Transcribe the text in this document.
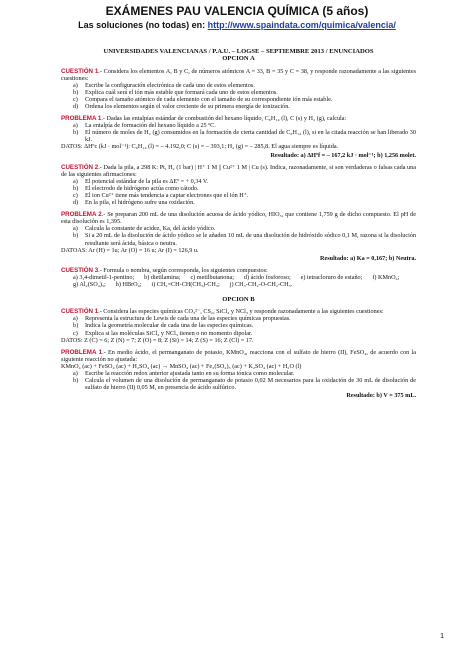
EXÁMENES PAU VALENCIA QUÍMICA (5 años)
Las soluciones (no todas) en: http://www.spaindata.com/quimica/valencia/
UNIVERSIDADES VALENCIANAS / P.A.U. – LOGSE – SEPTIEMBRE 2013 / ENUNCIADOS
OPCION A

CUESTIÓN 1.- Considera los elementos A, B y C, de números atómicos A = 33, B = 35 y C = 38, y responde razonadamente a las siguientes cuestiones:

a)	Escribe la configuración electrónica de cada uno de estos elementos.
b)	Explica cuál será el ión más estable que formará cada uno de estos elementos.
c)	Compara el tamaño atómico de cada elemento con el tamaño de su correspondiente ión más estable.
d)	Ordena los elementos según el valor creciente de su primera energía de ionización.

PROBLEMA 1.- Dadas las entalpías estándar de combustión del hexano líquido, C₆H₁₄ (l), C (s) y H₂ (g), calcula:

a)	La entalpía de formación del hexano líquido a 25 ºC.
b)	El número de moles de H₂ (g) consumidos en la formación de cierta cantidad de C₆H₁₄ (l), si en la citada reacción se han liberado 30 kJ.

DATOS: ΔHºc (kJ · mol⁻¹): C₆H₁₄ (l) = – 4.192,0; C (s) = – 393,1; H₂ (g) = – 285,8. El agua siempre es líquida.

Resultado: a) ΔHºf = – 167,2 kJ · mol⁻¹; b) 1,256 molet.

CUESTIÓN 2.- Dada la pila, a 298 K: Pt, H₂ (1 bar) | H⁺ 1 M || Cu²⁺ 1 M | Cu (s). Indica, razonadamente, si son verdaderas o falsas cada una de las siguientes afirmaciones:

a)	El potencial estándar de la pila es ΔEº = + 0,34 V.
b)	El electrodo de hidrógeno actúa como cátodo.
c)	El ion Cu²⁺ tiene más tendencia a captar electrones que el ión H⁺.
d)	En la pila, el hidrógeno sufre una oxidación.

PROBLEMA 2.- Se preparan 200 mL de una disolución acuosa de ácido yódico, HIO₃, que contiene 1,759 g de dicho compuesto. El pH de esta disolución es 1,395.

a)	Calcula la constante de acidez, Ka, del ácido yódico.
b)	Si a 20 mL de la disolución de ácido yódico se le añaden 10 mL de una disolución de hidróxido sódico 0,1 M, razona si la disolución resultante será ácida, básica o neutra.

DATOAS: Ar (H) = 1u; Ar (O) = 16 u; Ar (I) = 126,9 u.

Resultado: a) Ka = 0,167; b) Neutra.

CUESTIÓN 3.- Formula o nombra, según corresponda, los siguientes compuestos:

a) 3,4-dimetil-1-pentino; b) dietilamina; c) metilbutanona; d) ácido fosforoso; e) tetracloruro de estaño; f) KMnO₄;
g) Al₂(SO₄)₃; h) HBrO₄; i) CH₂=CH-CH(CH₃)-CH₃; j) CH₃-CH₂-O-CH₂-CH₃.
OPCION B

CUESTIÓN 1.- Considera las especies químicas CO₃²⁻, CS₂, SiCl₄ y NCl₃ y responde razonadamente a las siguientes cuestiones:

a)	Representa la estructura de Lewis de cada una de las especies químicas propuestas.
b)	Indica la geometría molecular de cada una de las especies químicas.
c)	Explica si las moléculas SiCl₄ y NCl₃ tienen o no momento dipolar.

DATOS: Z (C) = 6; Z (N) = 7; Z (O) = 8; Z (Si) = 14; Z (S) = 16; Z (Cl) = 17.

PROBLEMA 1.- En medio ácido, el permanganato de potasio, KMnO₄, reacciona con el sulfato de hierro (II), FeSO₄, de acuerdo con la siguiente reacción no ajustada:

KMnO₄ (ac) + FeSO₄ (ac) + H₂SO₄ (ac) → MnSO₄ (ac) + Fe₂(SO₄)₃ (ac) + K₂SO₄ (ac) + H₂O (l)

a)	Escribe la reacción redox anterior ajustada tanto en su forma iónica como molecular.
b)	Calcula el volumen de una disolución de permanganato de potasio 0,02 M necesarios para la oxidación de 30 mL de disolución de sulfato de hierro (II) 0,05 M, en presencia de ácido sulfúrico.
Resultado: b) V = 375 mL.
1
